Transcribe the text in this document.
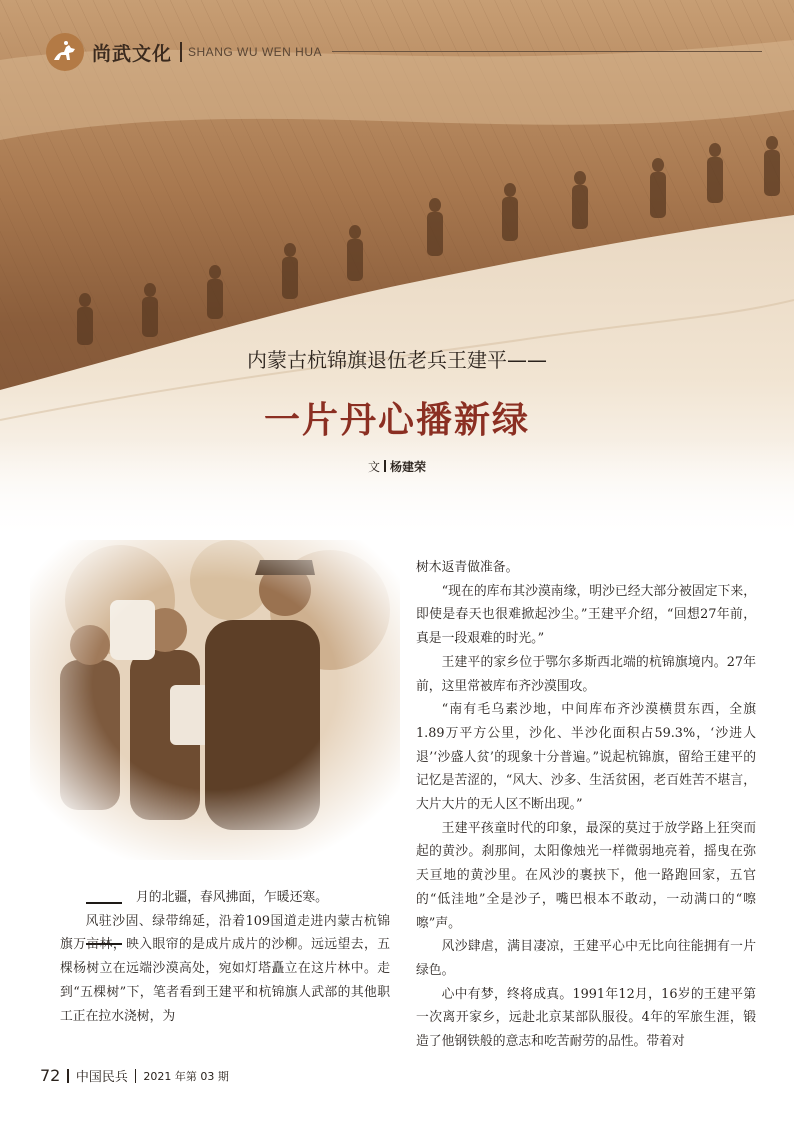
尚武文化 SHANG WU WEN HUA
内蒙古杭锦旗退伍老兵王建平——
一片丹心播新绿
文 杨建荣

月的北疆，春风拂面，乍暖还寒。

风驻沙固、绿带绵延，沿着109国道走进内蒙古杭锦旗万亩林，映入眼帘的是成片成片的沙柳。远远望去，五棵杨树立在远端沙漠高处，宛如灯塔矗立在这片林中。走到“五棵树”下，笔者看到王建平和杭锦旗人武部的其他职工正在拉水浇树，为

树木返青做准备。

“现在的库布其沙漠南缘，明沙已经大部分被固定下来，即使是春天也很难掀起沙尘。”王建平介绍，“回想27年前，真是一段艰难的时光。”

王建平的家乡位于鄂尔多斯西北端的杭锦旗境内。27年前，这里常被库布齐沙漠围攻。

“南有毛乌素沙地，中间库布齐沙漠横贯东西，全旗1.89万平方公里，沙化、半沙化面积占59.3%，‘沙进人退’‘沙盛人贫’的现象十分普遍。”说起杭锦旗，留给王建平的记忆是苦涩的，“风大、沙多、生活贫困，老百姓苦不堪言，大片大片的无人区不断出现。”

王建平孩童时代的印象，最深的莫过于放学路上狂突而起的黄沙。刹那间，太阳像烛光一样微弱地亮着，摇曳在弥天亘地的黄沙里。在风沙的裹挟下，他一路跑回家，五官的“低洼地”全是沙子，嘴巴根本不敢动，一动满口的“嚓嚓”声。

风沙肆虐，满目凄凉，王建平心中无比向往能拥有一片绿色。

心中有梦，终将成真。1991年12月，16岁的王建平第一次离开家乡，远赴北京某部队服役。4年的军旅生涯，锻造了他钢铁般的意志和吃苦耐劳的品性。带着对

72 中国民兵 2021 年第 03 期
